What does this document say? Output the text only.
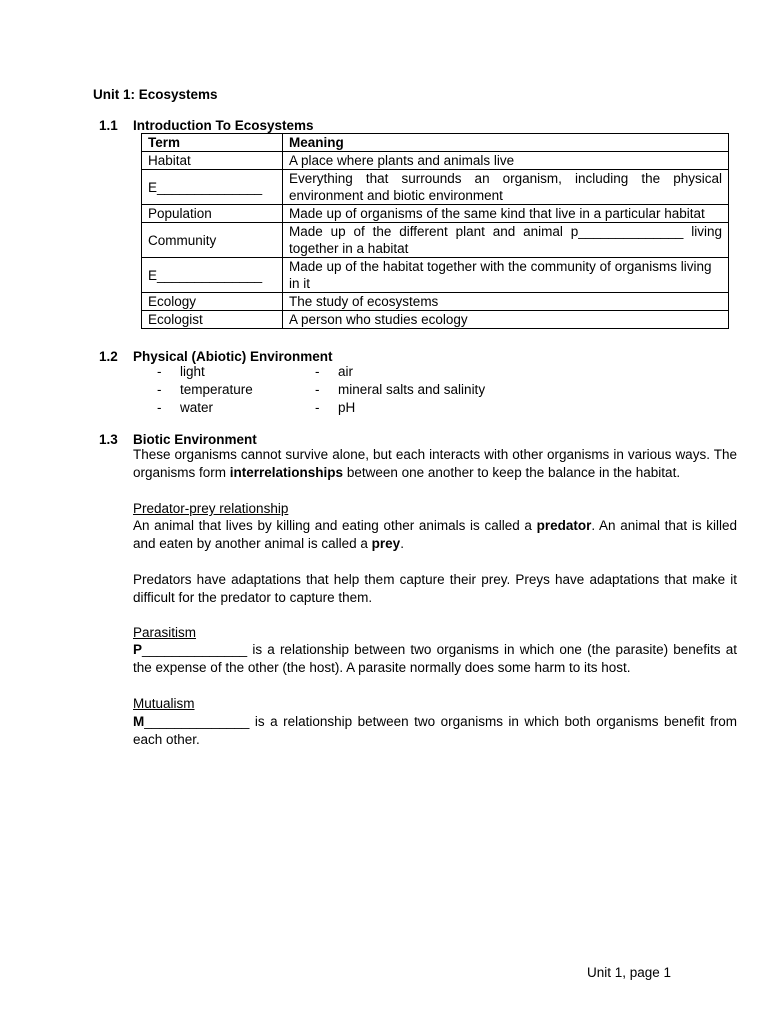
Unit 1: Ecosystems
1.1 Introduction To Ecosystems
Term	Meaning
Habitat	A place where plants and animals live
E______________	Everything that surrounds an organism, including the physical environment and biotic environment
Population	Made up of organisms of the same kind that live in a particular habitat
Community	Made up of the different plant and animal p______________ living together in a habitat
E______________	Made up of the habitat together with the community of organisms living in it
Ecology	The study of ecosystems
Ecologist	A person who studies ecology
1.2 Physical (Abiotic) Environment
- light
- temperature
- water
- air
- mineral salts and salinity
- pH
1.3 Biotic Environment
These organisms cannot survive alone, but each interacts with other organisms in various ways. The organisms form interrelationships between one another to keep the balance in the habitat.
Predator-prey relationship
An animal that lives by killing and eating other animals is called a predator. An animal that is killed and eaten by another animal is called a prey.
Predators have adaptations that help them capture their prey. Preys have adaptations that make it difficult for the predator to capture them.
Parasitism
P______________ is a relationship between two organisms in which one (the parasite) benefits at the expense of the other (the host). A parasite normally does some harm to its host.
Mutualism
M______________ is a relationship between two organisms in which both organisms benefit from each other.
Unit 1, page 1
